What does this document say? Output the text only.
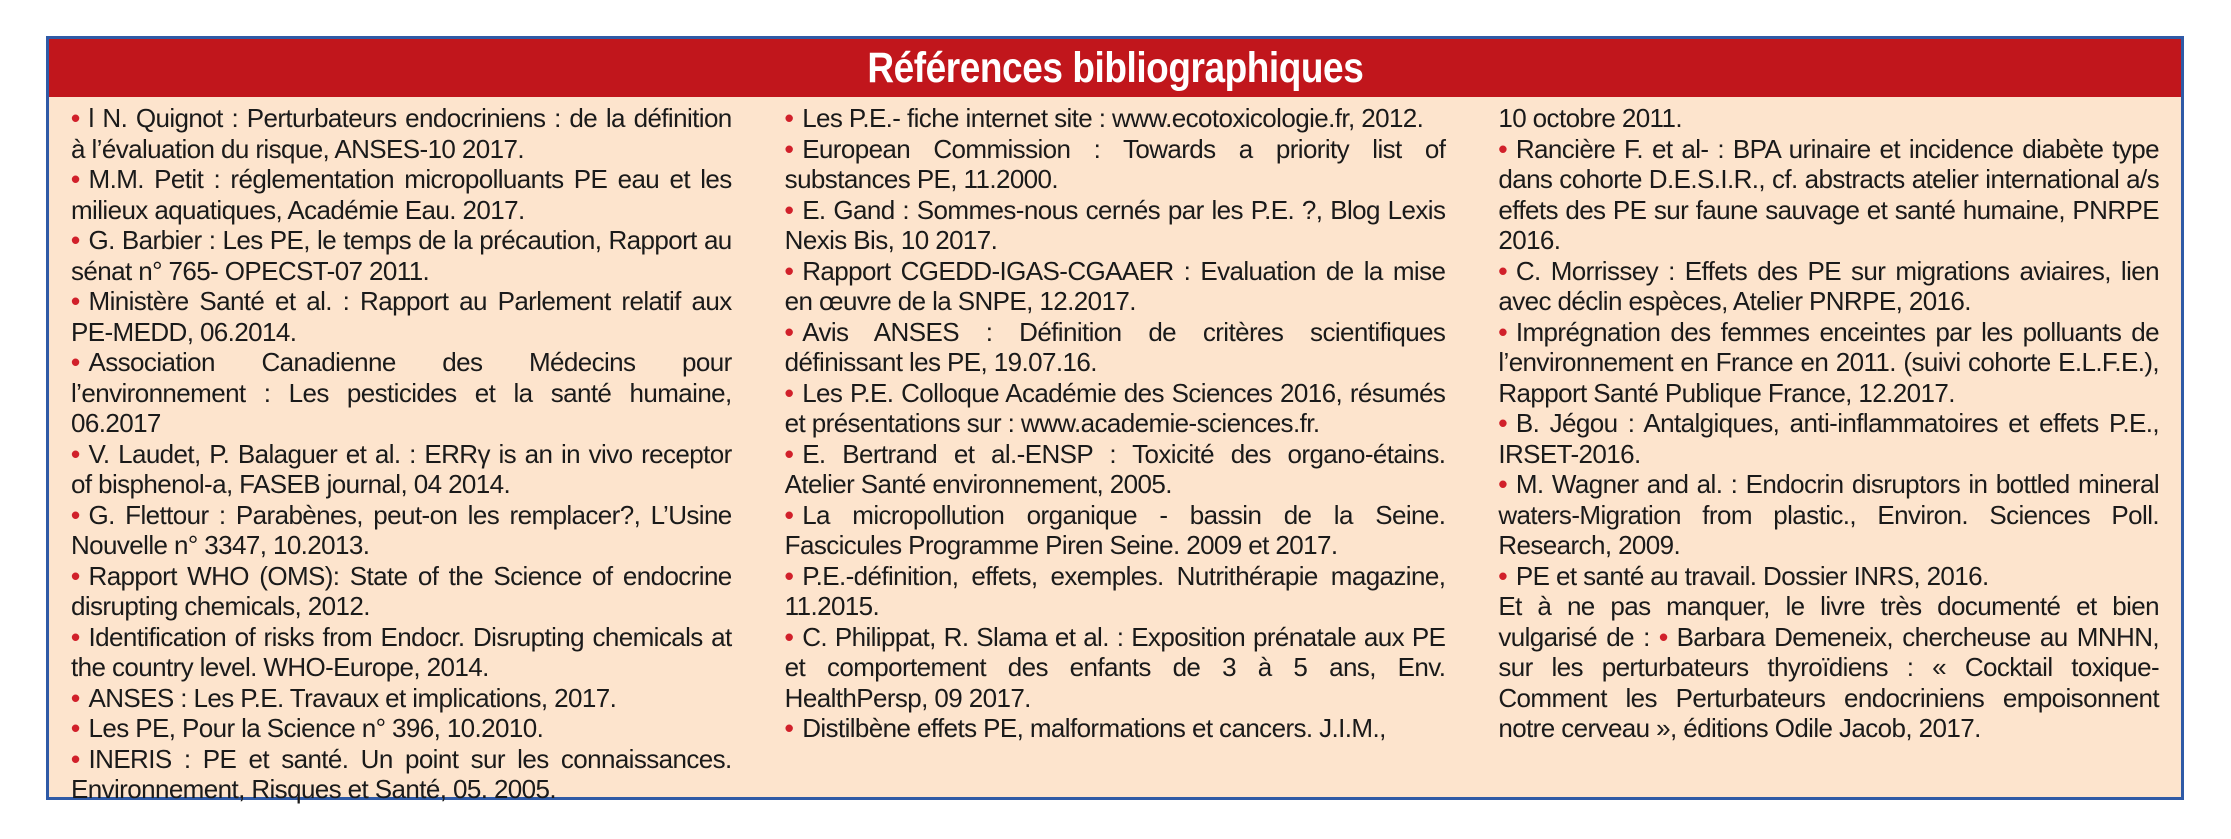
Références bibliographiques
• l N. Quignot : Perturbateurs endocriniens : de la définition à l’évaluation du risque, ANSES-10 2017.
• M.M. Petit : réglementation micropolluants PE eau et les milieux aquatiques, Académie Eau. 2017.
• G. Barbier : Les PE, le temps de la précaution, Rapport au sénat n° 765- OPECST-07 2011.
• Ministère Santé et al. : Rapport au Parlement relatif aux PE-MEDD, 06.2014.
• Association Canadienne des Médecins pour l’environnement : Les pesticides et la santé humaine, 06.2017
• V. Laudet, P. Balaguer et al. : ERRγ is an in vivo receptor of bisphenol-a, FASEB journal, 04 2014.
• G. Flettour : Parabènes, peut-on les remplacer?, L’Usine Nouvelle n° 3347, 10.2013.
• Rapport WHO (OMS): State of the Science of endocrine disrupting chemicals, 2012.
• Identification of risks from Endocr. Disrupting chemicals at the country level. WHO-Europe, 2014.
• ANSES : Les P.E. Travaux et implications, 2017.
• Les PE, Pour la Science n° 396, 10.2010.
• INERIS : PE et santé. Un point sur les connaissances. Environnement, Risques et Santé, 05. 2005.
• Les P.E.- fiche internet site : www.ecotoxicologie.fr, 2012.
• European Commission : Towards a priority list of substances PE, 11.2000.
• E. Gand : Sommes-nous cernés par les P.E. ?, Blog Lexis Nexis Bis, 10 2017.
• Rapport CGEDD-IGAS-CGAAER : Evaluation de la mise en œuvre de la SNPE, 12.2017.
• Avis ANSES : Définition de critères scientifiques définissant les PE, 19.07.16.
• Les P.E. Colloque Académie des Sciences 2016, résumés et présentations sur : www.academie-sciences.fr.
• E. Bertrand et al.-ENSP : Toxicité des organo-étains. Atelier Santé environnement, 2005.
• La micropollution organique - bassin de la Seine. Fascicules Programme Piren Seine. 2009 et 2017.
• P.E.-définition, effets, exemples. Nutrithérapie magazine, 11.2015.
• C. Philippat, R. Slama et al. : Exposition prénatale aux PE et comportement des enfants de 3 à 5 ans, Env. HealthPersp, 09 2017.
• Distilbène effets PE, malformations et cancers. J.I.M.,
10 octobre 2011.
• Rancière F. et al- : BPA urinaire et incidence diabète type dans cohorte D.E.S.I.R., cf. abstracts atelier international a/s effets des PE sur faune sauvage et santé humaine, PNRPE 2016.
• C. Morrissey : Effets des PE sur migrations aviaires, lien avec déclin espèces, Atelier PNRPE, 2016.
• Imprégnation des femmes enceintes par les polluants de l’environnement en France en 2011. (suivi cohorte E.L.F.E.), Rapport Santé Publique France, 12.2017.
• B. Jégou : Antalgiques, anti-inflammatoires et effets P.E., IRSET-2016.
• M. Wagner and al. : Endocrin disruptors in bottled mineral waters-Migration from plastic., Environ. Sciences Poll. Research, 2009.
• PE et santé au travail. Dossier INRS, 2016.
Et à ne pas manquer, le livre très documenté et bien vulgarisé de : • Barbara Demeneix, chercheuse au MNHN, sur les perturbateurs thyroïdiens : « Cocktail toxique-Comment les Perturbateurs endocriniens empoisonnent notre cerveau », éditions Odile Jacob, 2017.
